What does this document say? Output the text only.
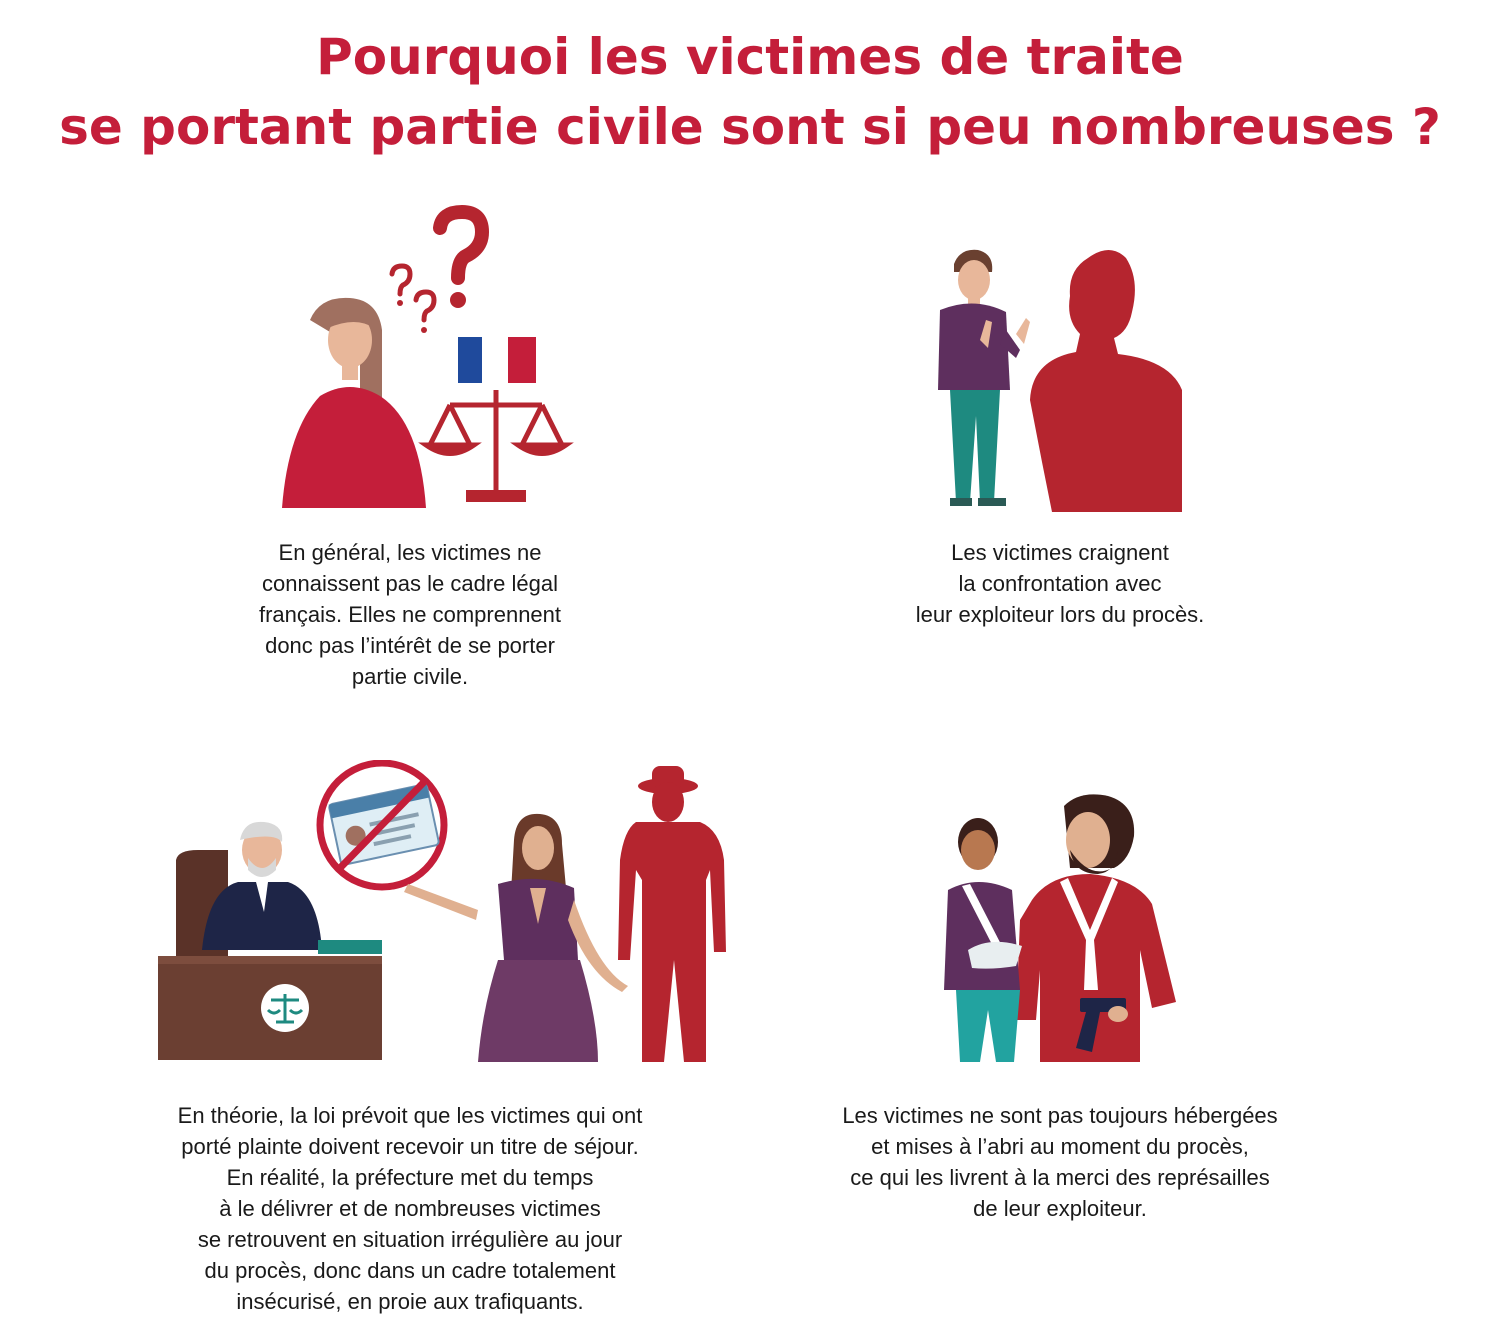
Pourquoi les victimes de traite
se portant partie civile sont si peu nombreuses ?
En général, les victimes ne
connaissent pas le cadre légal
français. Elles ne comprennent
donc pas l’intérêt de se porter
partie civile.
Les victimes craignent
la confrontation avec
leur exploiteur lors du procès.
En théorie, la loi prévoit que les victimes qui ont
porté plainte doivent recevoir un titre de séjour.
En réalité, la préfecture met du temps
à le délivrer et de nombreuses victimes
se retrouvent en situation irrégulière au jour
du procès, donc dans un cadre totalement
insécurisé, en proie aux trafiquants.
Les victimes ne sont pas toujours hébergées
et mises à l’abri au moment du procès,
ce qui les livrent à la merci des représailles
de leur exploiteur.
